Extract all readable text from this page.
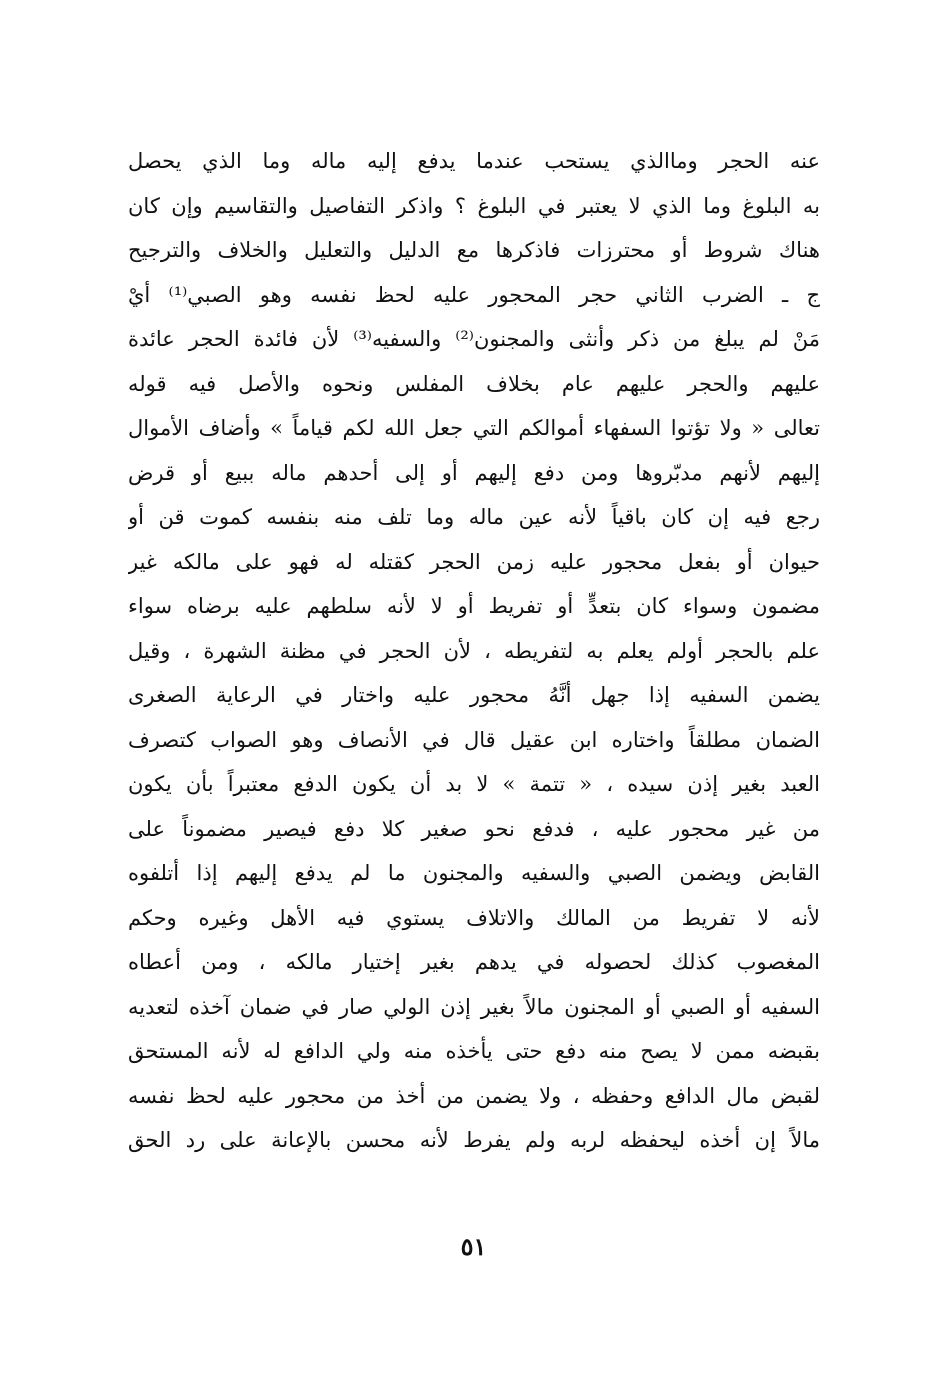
عنه الحجر وماالذي يستحب عندما يدفع إليه ماله وما الذي يحصل
به البلوغ وما الذي لا يعتبر في البلوغ ؟ واذكر التفاصيل والتقاسيم وإن كان
هناك شروط أو محترزات فاذكرها مع الدليل والتعليل والخلاف والترجيح
ج ـ الضرب الثاني حجر المحجور عليه لحظ نفسه وهو الصبي⁽¹⁾ أيْ
مَنْ لم يبلغ من ذكر وأنثى والمجنون⁽²⁾ والسفيه⁽³⁾ لأن فائدة الحجر عائدة
عليهم والحجر عليهم عام بخلاف المفلس ونحوه والأصل فيه قوله
تعالى « ولا تؤتوا السفهاء أموالكم التي جعل الله لكم قياماً » وأضاف الأموال
إليهم لأنهم مدبّروها ومن دفع إليهم أو إلى أحدهم ماله ببيع أو قرض
رجع فيه إن كان باقياً لأنه عين ماله وما تلف منه بنفسه كموت قن أو
حيوان أو بفعل محجور عليه زمن الحجر كقتله له فهو على مالكه غير
مضمون وسواء كان بتعدٍّ أو تفريط أو لا لأنه سلطهم عليه برضاه سواء
علم بالحجر أولم يعلم به لتفريطه ، لأن الحجر في مظنة الشهرة ، وقيل
يضمن السفيه إذا جهل أنَّهُ محجور عليه واختار في الرعاية الصغرى
الضمان مطلقاً واختاره ابن عقيل قال في الأنصاف وهو الصواب كتصرف
العبد بغير إذن سيده ، « تتمة » لا بد أن يكون الدفع معتبراً بأن يكون
من غير محجور عليه ، فدفع نحو صغير كلا دفع فيصير مضموناً على
القابض ويضمن الصبي والسفيه والمجنون ما لم يدفع إليهم إذا أتلفوه
لأنه لا تفريط من المالك والاتلاف يستوي فيه الأهل وغيره وحكم
المغصوب كذلك لحصوله في يدهم بغير إختيار مالكه ، ومن أعطاه
السفيه أو الصبي أو المجنون مالاً بغير إذن الولي صار في ضمان آخذه لتعديه
بقبضه ممن لا يصح منه دفع حتى يأخذه منه ولي الدافع له لأنه المستحق
لقبض مال الدافع وحفظه ، ولا يضمن من أخذ من محجور عليه لحظ نفسه
مالاً إن أخذه ليحفظه لربه ولم يفرط لأنه محسن بالإعانة على رد الحق
٥١
